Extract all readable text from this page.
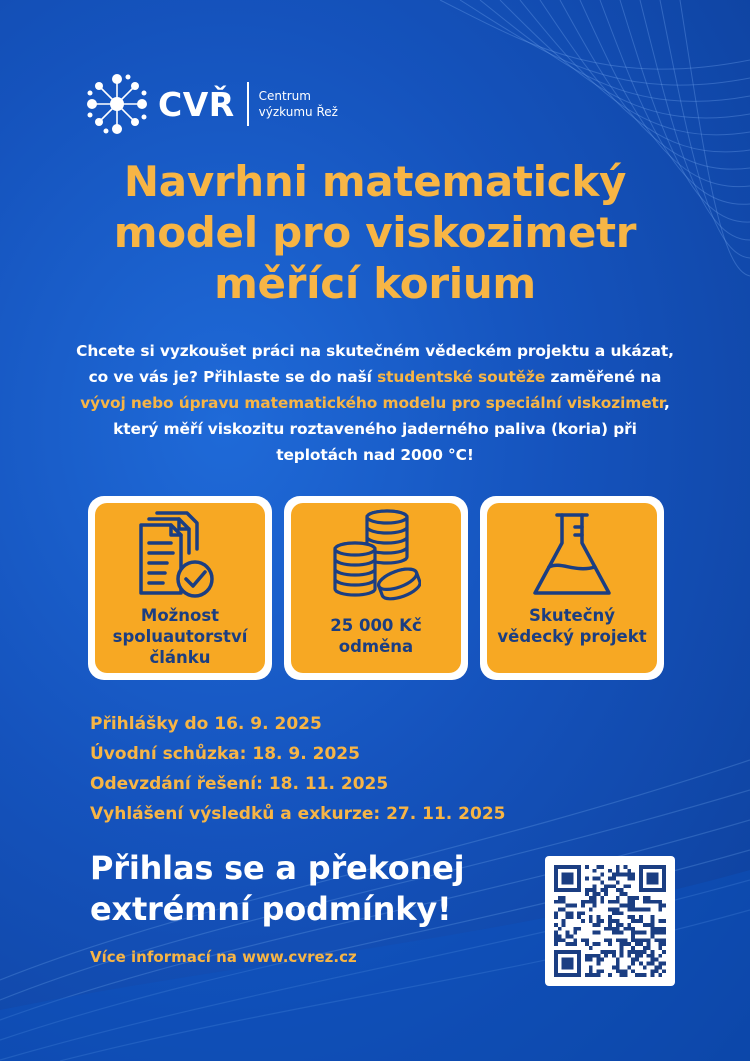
CVŘ Centrum
výzkumu Řež
Navrhni matematický
model pro viskozimetr
měřící korium

Chcete si vyzkoušet práci na skutečném vědeckém projektu a ukázat, co ve vás je? Přihlaste se do naší studentské soutěže zaměřené na vývoj nebo úpravu matematického modelu pro speciální viskozimetr, který měří viskozitu roztaveného jaderného paliva (koria) při teplotách nad 2000 °C!

Možnost spoluautorství článku
25 000 Kč odměna
Skutečný vědecký projekt
Přihlášky do 16. 9. 2025
Úvodní schůzka: 18. 9. 2025
Odevzdání řešení: 18. 11. 2025
Vyhlášení výsledků a exkurze: 27. 11. 2025
Přihlas se a překonej
extrémní podmínky!
Více informací na www.cvrez.cz
